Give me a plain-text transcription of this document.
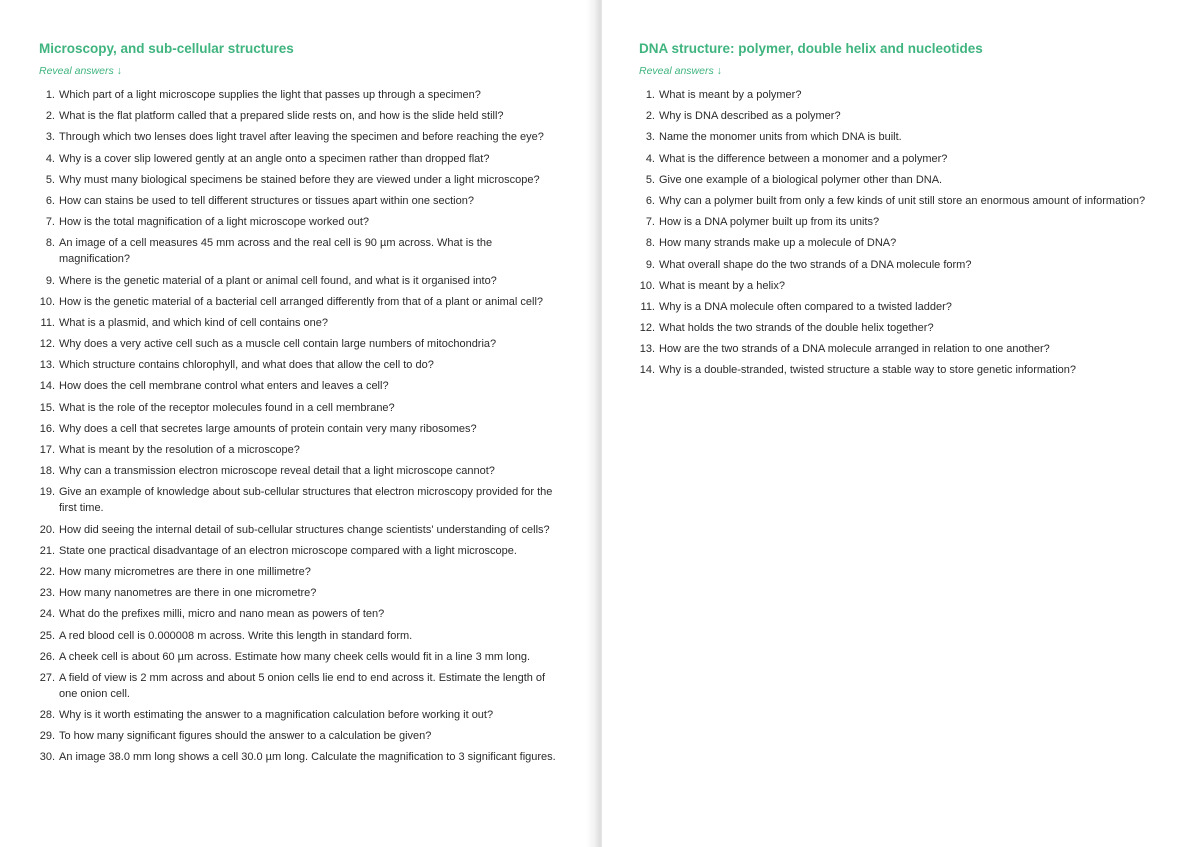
Microscopy, and sub-cellular structures
Reveal answers ↓
1. Which part of a light microscope supplies the light that passes up through a specimen?
2. What is the flat platform called that a prepared slide rests on, and how is the slide held still?
3. Through which two lenses does light travel after leaving the specimen and before reaching the eye?
4. Why is a cover slip lowered gently at an angle onto a specimen rather than dropped flat?
5. Why must many biological specimens be stained before they are viewed under a light microscope?
6. How can stains be used to tell different structures or tissues apart within one section?
7. How is the total magnification of a light microscope worked out?
8. An image of a cell measures 45 mm across and the real cell is 90 µm across. What is the magnification?
9. Where is the genetic material of a plant or animal cell found, and what is it organised into?
10. How is the genetic material of a bacterial cell arranged differently from that of a plant or animal cell?
11. What is a plasmid, and which kind of cell contains one?
12. Why does a very active cell such as a muscle cell contain large numbers of mitochondria?
13. Which structure contains chlorophyll, and what does that allow the cell to do?
14. How does the cell membrane control what enters and leaves a cell?
15. What is the role of the receptor molecules found in a cell membrane?
16. Why does a cell that secretes large amounts of protein contain very many ribosomes?
17. What is meant by the resolution of a microscope?
18. Why can a transmission electron microscope reveal detail that a light microscope cannot?
19. Give an example of knowledge about sub-cellular structures that electron microscopy provided for the first time.
20. How did seeing the internal detail of sub-cellular structures change scientists' understanding of cells?
21. State one practical disadvantage of an electron microscope compared with a light microscope.
22. How many micrometres are there in one millimetre?
23. How many nanometres are there in one micrometre?
24. What do the prefixes milli, micro and nano mean as powers of ten?
25. A red blood cell is 0.000008 m across. Write this length in standard form.
26. A cheek cell is about 60 µm across. Estimate how many cheek cells would fit in a line 3 mm long.
27. A field of view is 2 mm across and about 5 onion cells lie end to end across it. Estimate the length of one onion cell.
28. Why is it worth estimating the answer to a magnification calculation before working it out?
29. To how many significant figures should the answer to a calculation be given?
30. An image 38.0 mm long shows a cell 30.0 µm long. Calculate the magnification to 3 significant figures.
DNA structure: polymer, double helix and nucleotides
Reveal answers ↓
1. What is meant by a polymer?
2. Why is DNA described as a polymer?
3. Name the monomer units from which DNA is built.
4. What is the difference between a monomer and a polymer?
5. Give one example of a biological polymer other than DNA.
6. Why can a polymer built from only a few kinds of unit still store an enormous amount of information?
7. How is a DNA polymer built up from its units?
8. How many strands make up a molecule of DNA?
9. What overall shape do the two strands of a DNA molecule form?
10. What is meant by a helix?
11. Why is a DNA molecule often compared to a twisted ladder?
12. What holds the two strands of the double helix together?
13. How are the two strands of a DNA molecule arranged in relation to one another?
14. Why is a double-stranded, twisted structure a stable way to store genetic information?
